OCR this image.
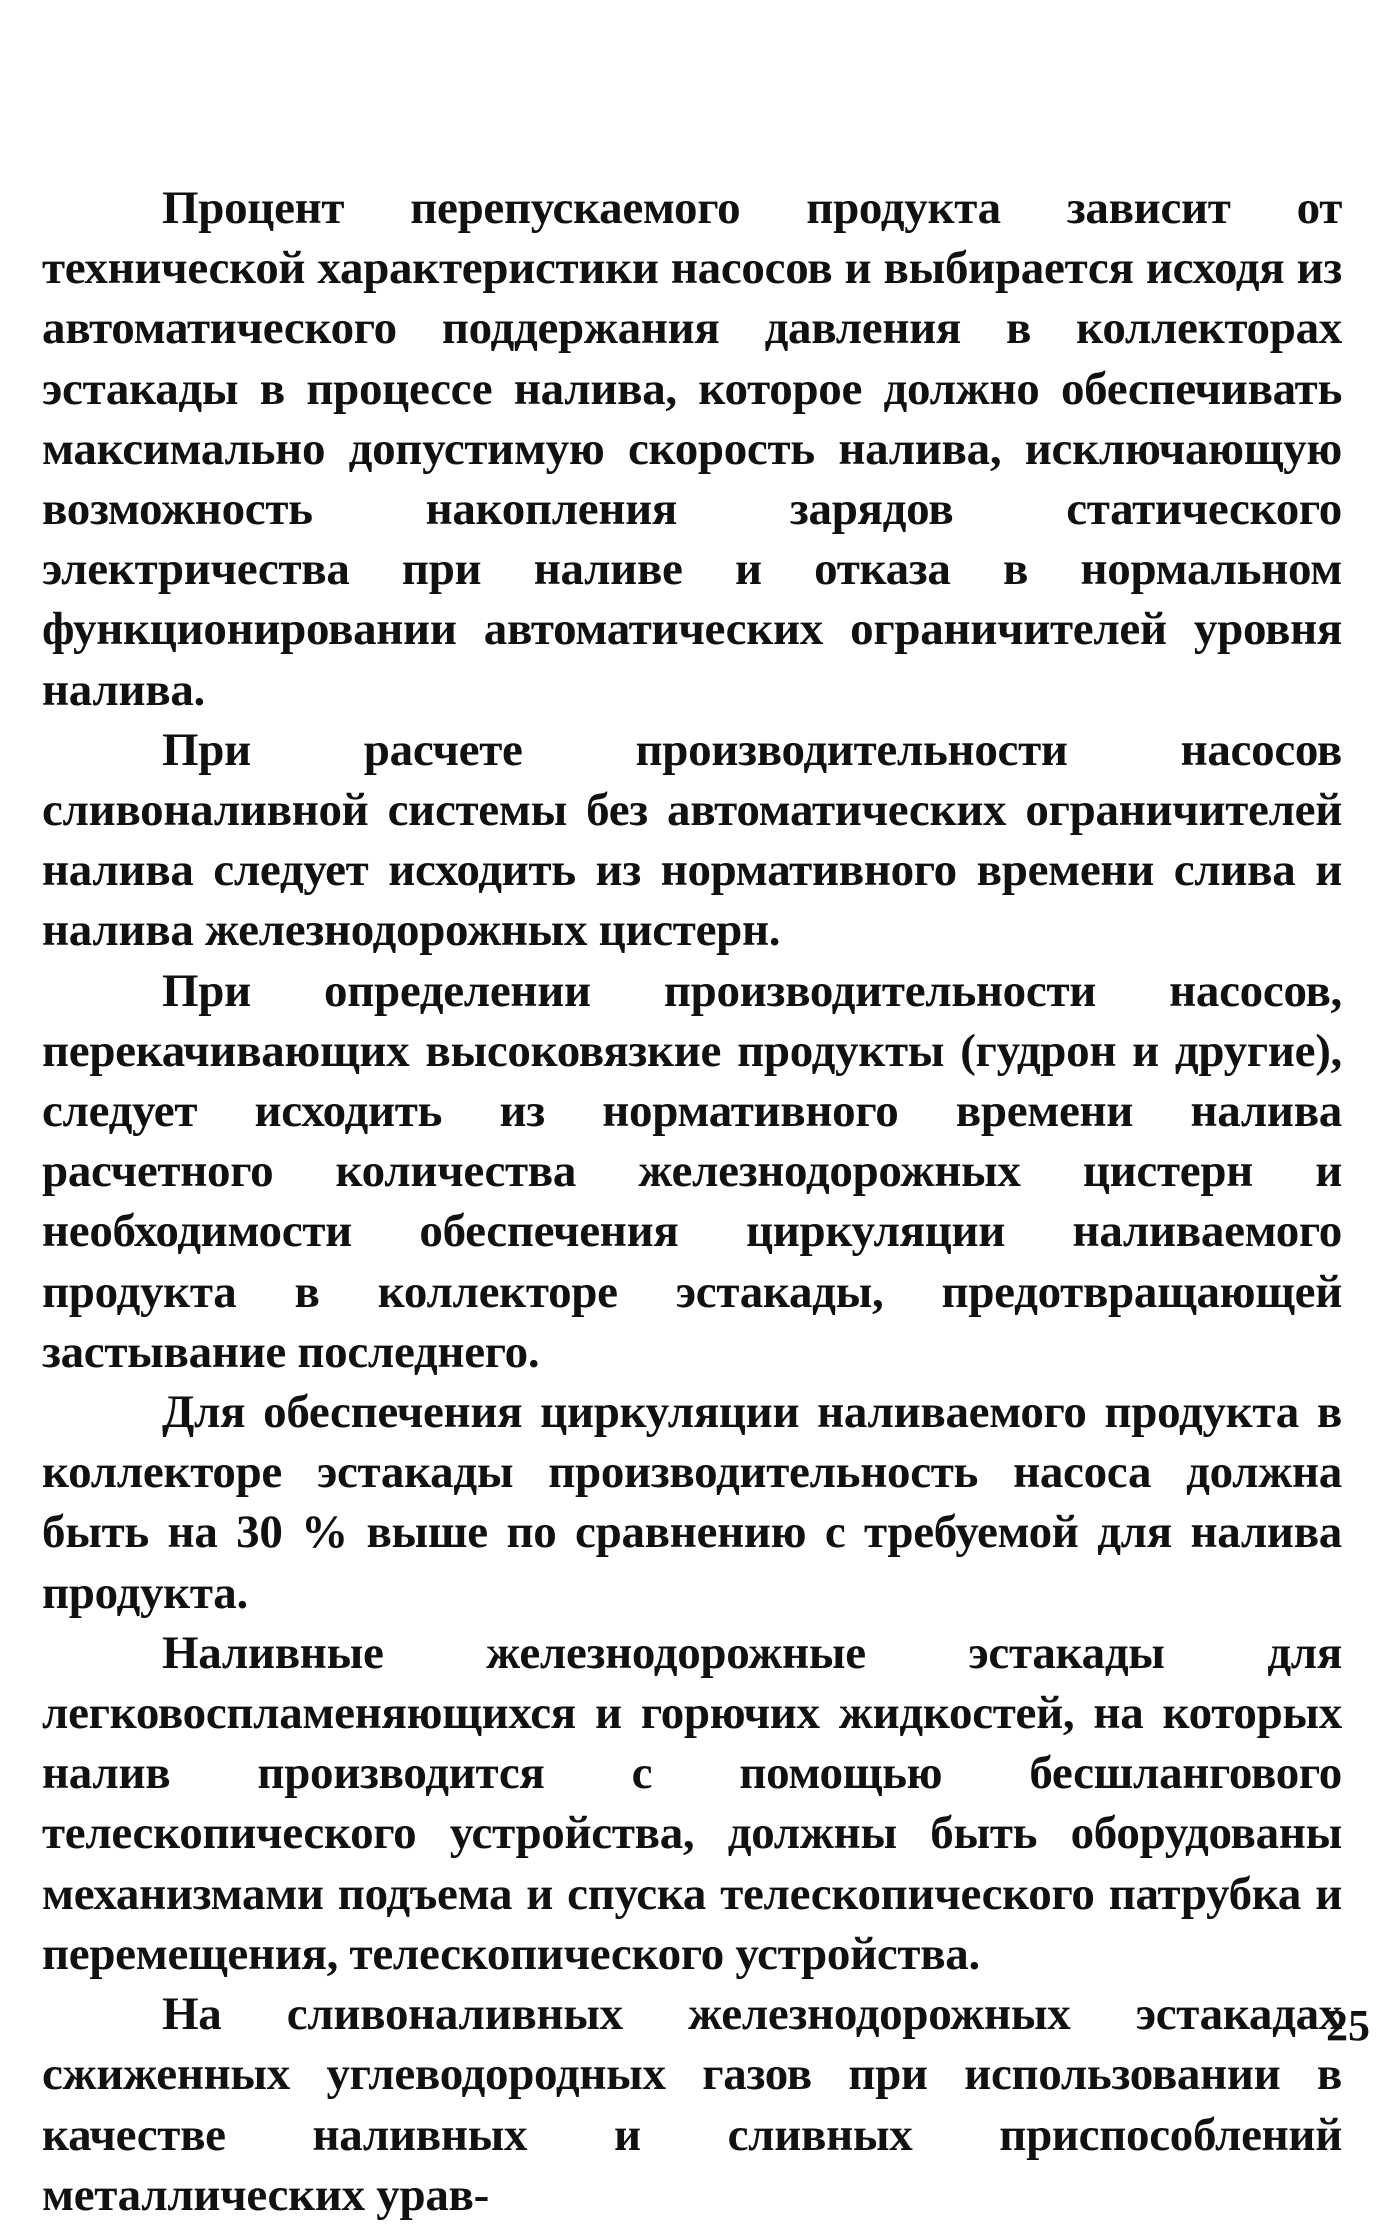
Процент перепускаемого продукта зависит от технической характеристики насосов и выбирается исходя из автоматического поддержания давления в коллекторах эстакады в процессе налива, которое должно обеспечивать максимально допустимую скорость налива, исключающую возможность накопления зарядов статического электричества при наливе и отказа в нормальном функционировании автоматических ограничителей уровня налива.

При расчете производительности насосов сливоналивной системы без автоматических ограничителей налива следует исходить из нормативного времени слива и налива железнодорожных цистерн.

При определении производительности насосов, перекачивающих высоковязкие продукты (гудрон и другие), следует исходить из нормативного времени налива расчетного количества железнодорожных цистерн и необходимости обеспечения циркуляции наливаемого продукта в коллекторе эстакады, предотвращающей застывание последнего.

Для обеспечения циркуляции наливаемого продукта в коллекторе эстакады производительность насоса должна быть на 30 % выше по сравнению с требуемой для налива продукта.

Наливные железнодорожные эстакады для легковоспламеняющихся и горючих жидкостей, на которых налив производится с помощью бесшлангового телескопического устройства, должны быть оборудованы механизмами подъема и спуска телескопического патрубка и перемещения, телескопического устройства.

На сливоналивных железнодорожных эстакадах сжиженных углеводородных газов при использовании в качестве наливных и сливных приспособлений металлических урав-

25
